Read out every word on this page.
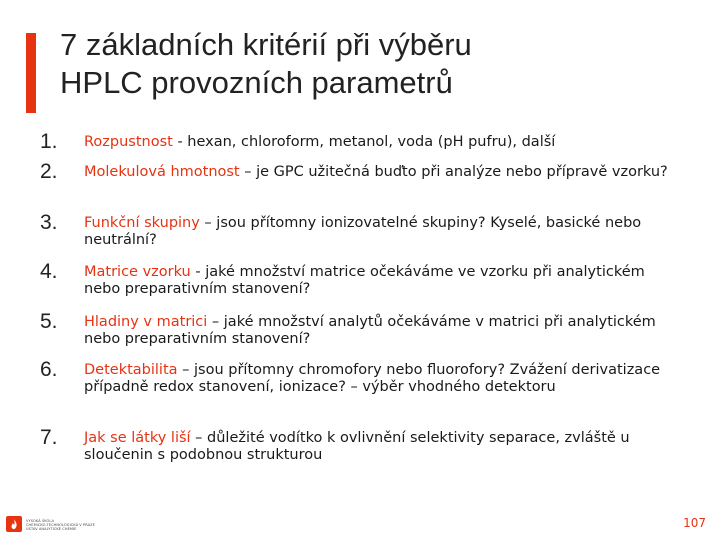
7 základních kritérií při výběru
HPLC provozních parametrů
1. Rozpustnost - hexan, chloroform, metanol, voda (pH pufru), další
2. Molekulová hmotnost – je GPC užitečná buďto při analýze nebo přípravě vzorku?
3. Funkční skupiny – jsou přítomny ionizovatelné skupiny? Kyselé, basické nebo neutrální?
4. Matrice vzorku - jaké množství matrice očekáváme ve vzorku při analytickém nebo preparativním stanovení?
5. Hladiny v matrici – jaké množství analytů očekáváme v matrici při analytickém nebo preparativním stanovení?
6. Detektabilita – jsou přítomny chromofory nebo fluorofory? Zvážení derivatizace případně redox stanovení, ionizace? – výběr vhodného detektoru
7. Jak se látky liší – důležité vodítko k ovlivnění selektivity separace, zvláště u sloučenin s podobnou strukturou
VYSOKÁ ŠKOLA
CHEMICKO-TECHNOLOGICKÁ V PRAZE
ÚSTAV ANALYTICKÉ CHEMIE	107
